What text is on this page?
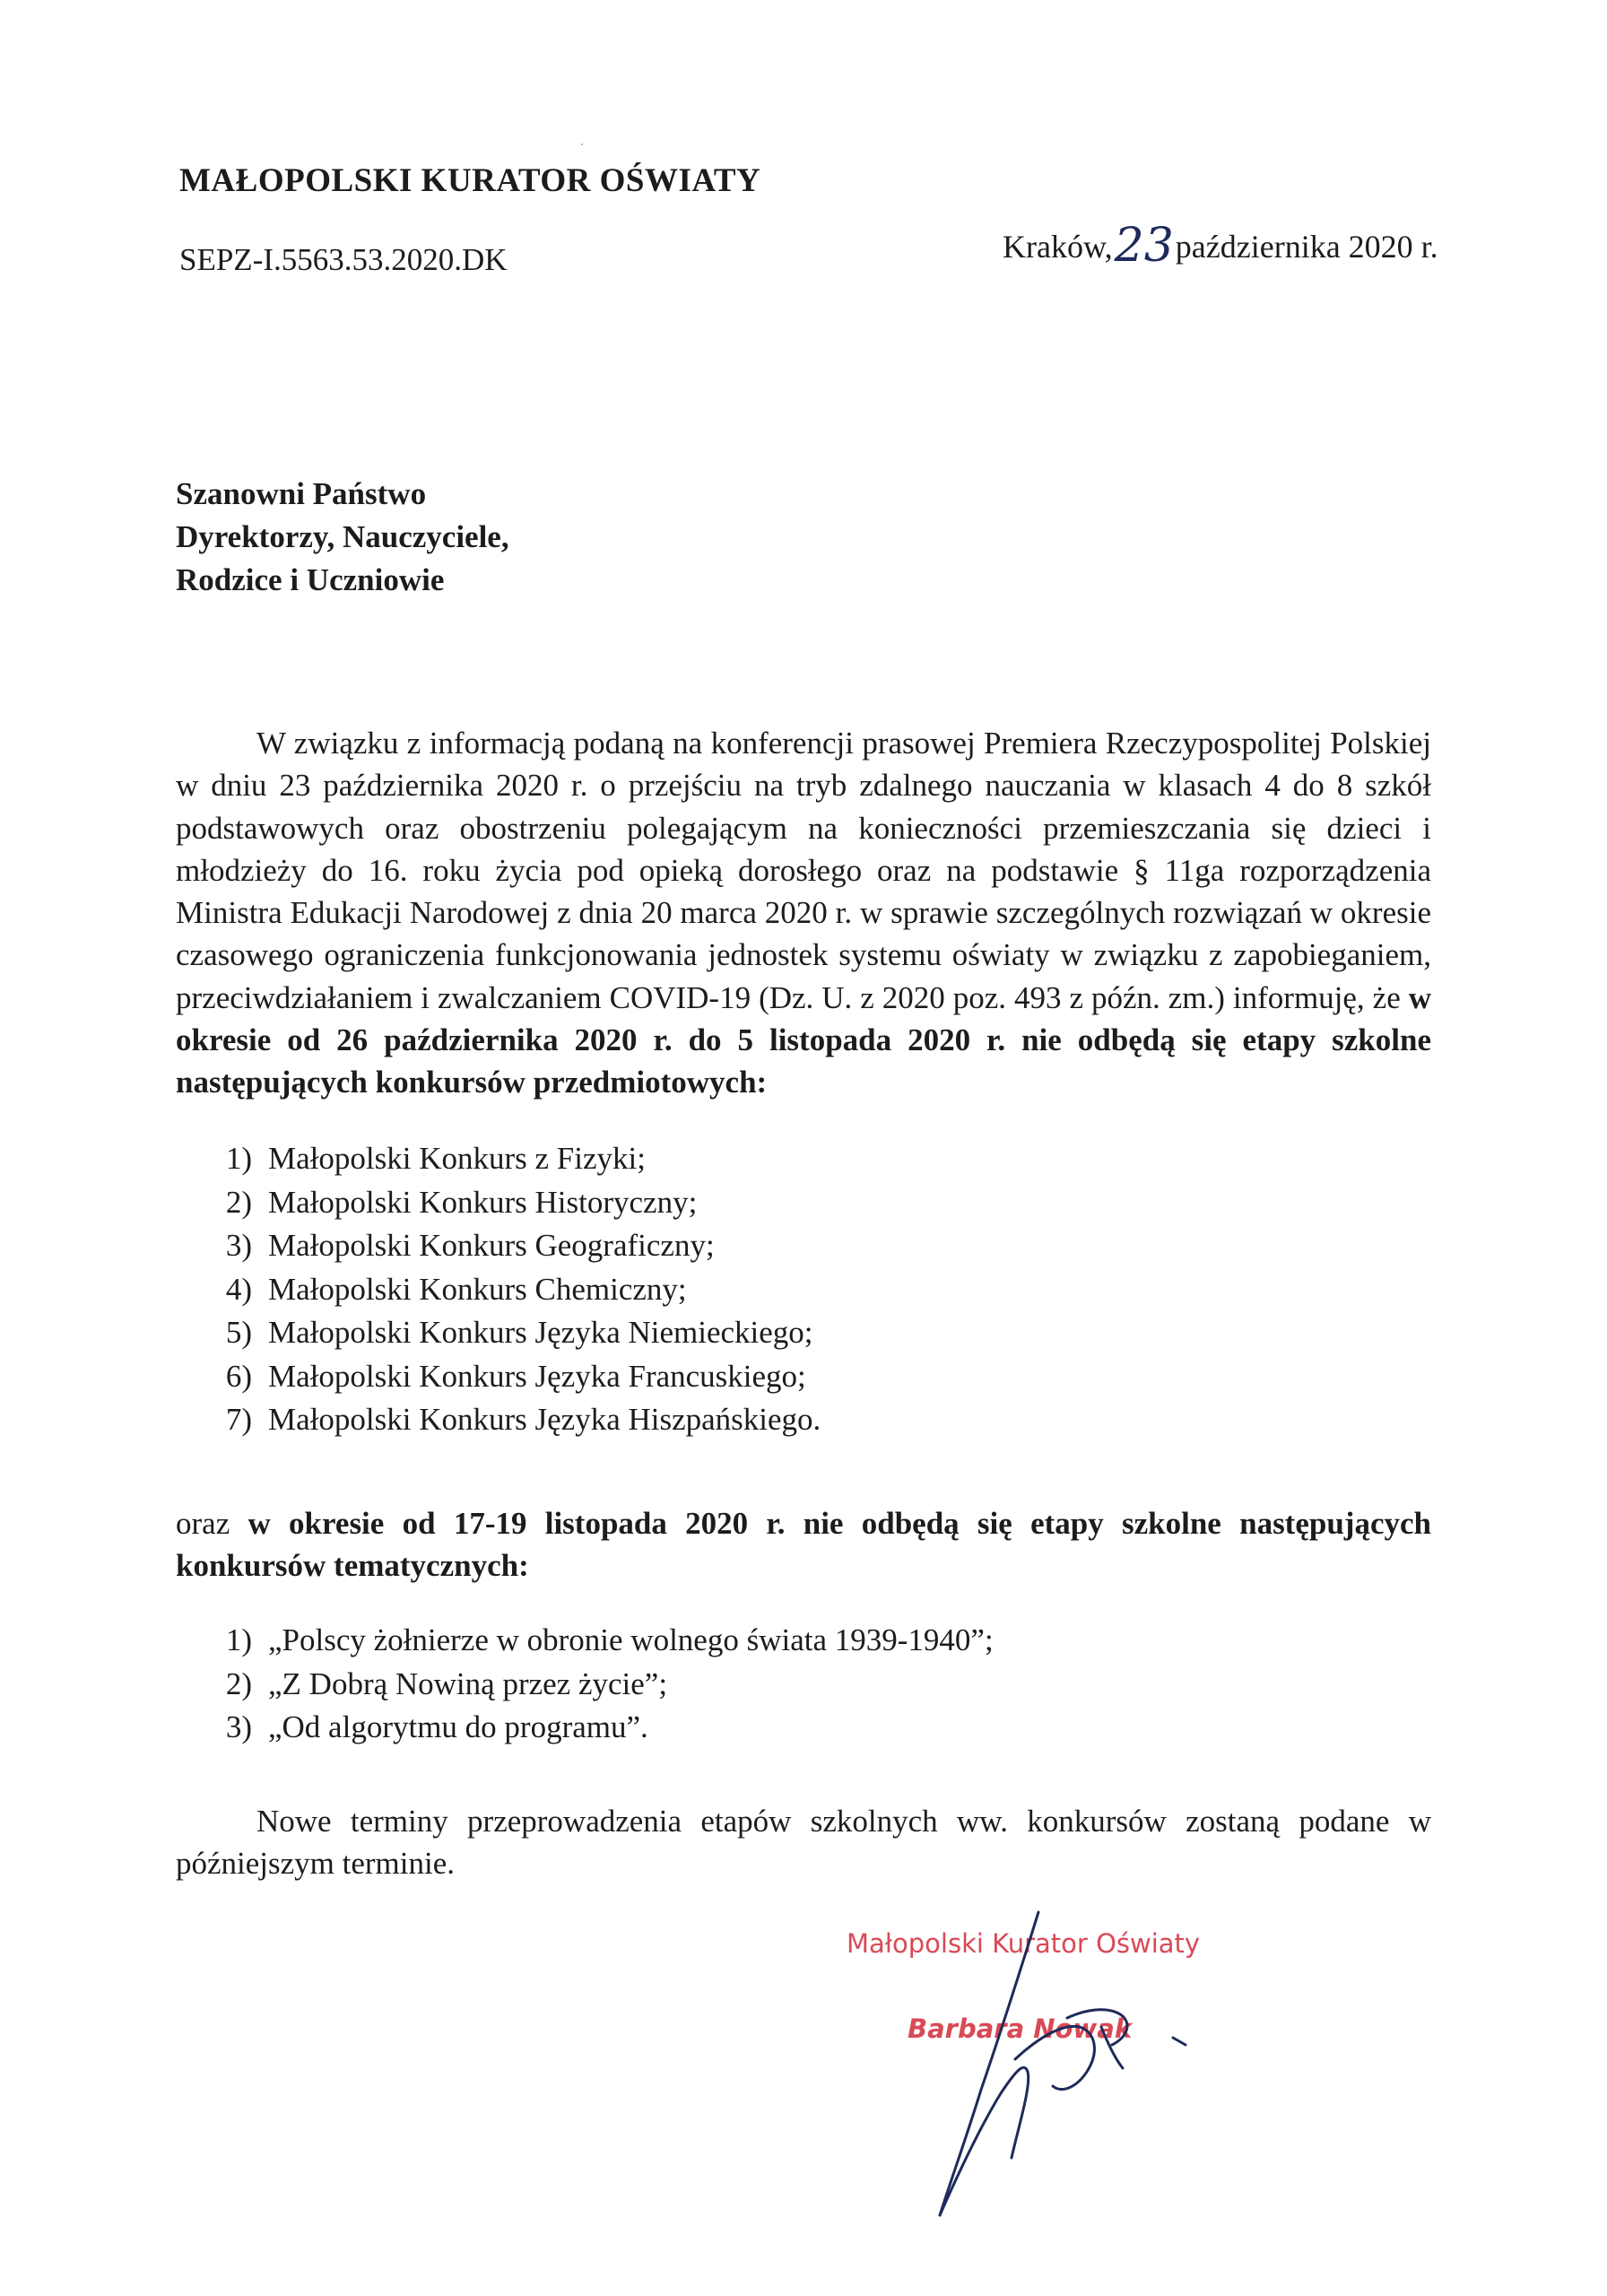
MAŁOPOLSKI KURATOR OŚWIATY
SEPZ-I.5563.53.2020.DK	Kraków,23października 2020 r.
Szanowni Państwo
Dyrektorzy, Nauczyciele,
Rodzice i Uczniowie

W związku z informacją podaną na konferencji prasowej Premiera Rzeczypospolitej Polskiej w dniu 23 października 2020 r. o przejściu na tryb zdalnego nauczania w klasach 4 do 8 szkół podstawowych oraz obostrzeniu polegającym na konieczności przemieszczania się dzieci i młodzieży do 16. roku życia pod opieką dorosłego oraz na podstawie § 11ga rozporządzenia Ministra Edukacji Narodowej z dnia 20 marca 2020 r. w sprawie szczególnych rozwiązań w okresie czasowego ograniczenia funkcjonowania jednostek systemu oświaty w związku z zapobieganiem, przeciwdziałaniem i zwalczaniem COVID-19 (Dz. U. z 2020 poz. 493 z późn. zm.) informuję, że w okresie od 26 października 2020 r. do 5 listopada 2020 r. nie odbędą się etapy szkolne następujących konkursów przedmiotowych:

1) Małopolski Konkurs z Fizyki;
2) Małopolski Konkurs Historyczny;
3) Małopolski Konkurs Geograficzny;
4) Małopolski Konkurs Chemiczny;
5) Małopolski Konkurs Języka Niemieckiego;
6) Małopolski Konkurs Języka Francuskiego;
7) Małopolski Konkurs Języka Hiszpańskiego.

oraz w okresie od 17-19 listopada 2020 r. nie odbędą się etapy szkolne następujących konkursów tematycznych:

1) „Polscy żołnierze w obronie wolnego świata 1939-1940”;
2) „Z Dobrą Nowiną przez życie”;
3) „Od algorytmu do programu”.

Nowe terminy przeprowadzenia etapów szkolnych ww. konkursów zostaną podane w późniejszym terminie.

Małopolski Kurator Oświaty
Barbara Nowak
